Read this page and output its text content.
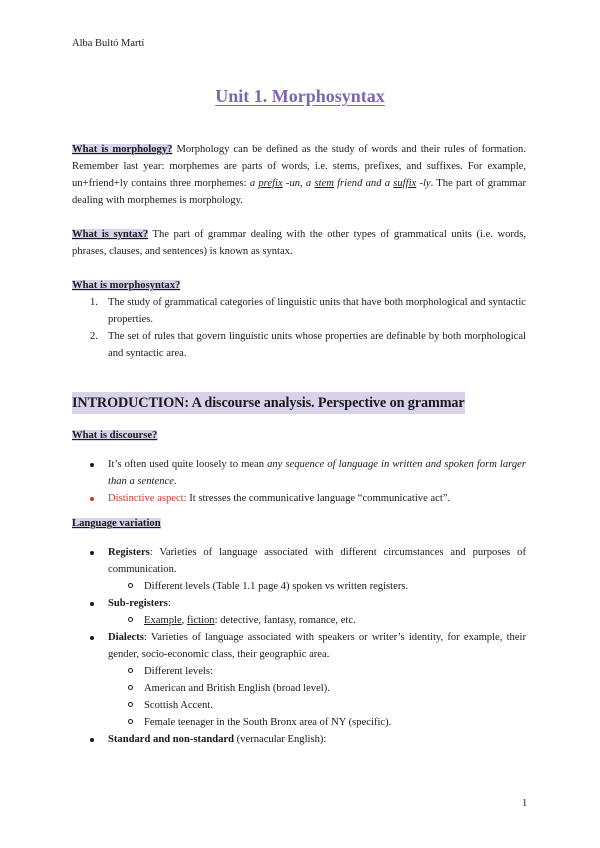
Alba Bultó Martí
Unit 1. Morphosyntax

What is morphology? Morphology can be defined as the study of words and their rules of formation. Remember last year: morphemes are parts of words, i.e. stems, prefixes, and suffixes. For example, un+friend+ly contains three morphemes: a prefix -un, a stem friend and a suffix -ly. The part of grammar dealing with morphemes is morphology.

What is syntax? The part of grammar dealing with the other types of grammatical units (i.e. words, phrases, clauses, and sentences) is known as syntax.

What is morphosyntax?

1. The study of grammatical categories of linguistic units that have both morphological and syntactic properties.
2. The set of rules that govern linguistic units whose properties are definable by both morphological and syntactic area.
INTRODUCTION: A discourse analysis. Perspective on grammar

What is discourse?

It’s often used quite loosely to mean any sequence of language in written and spoken form larger than a sentence.
Distinctive aspect: It stresses the communicative language “communicative act”.

Language variation

Registers: Varieties of language associated with different circumstances and purposes of communication.
Different levels (Table 1.1 page 4) spoken vs written registers.
Sub-registers:
Example, fiction: detective, fantasy, romance, etc.
Dialects: Varieties of language associated with speakers or writer’s identity, for example, their gender, socio-economic class, their geographic area.
Different levels:
American and British English (broad level).
Scottish Accent.
Female teenager in the South Bronx area of NY (specific).
Standard and non-standard (vernacular English):
1
